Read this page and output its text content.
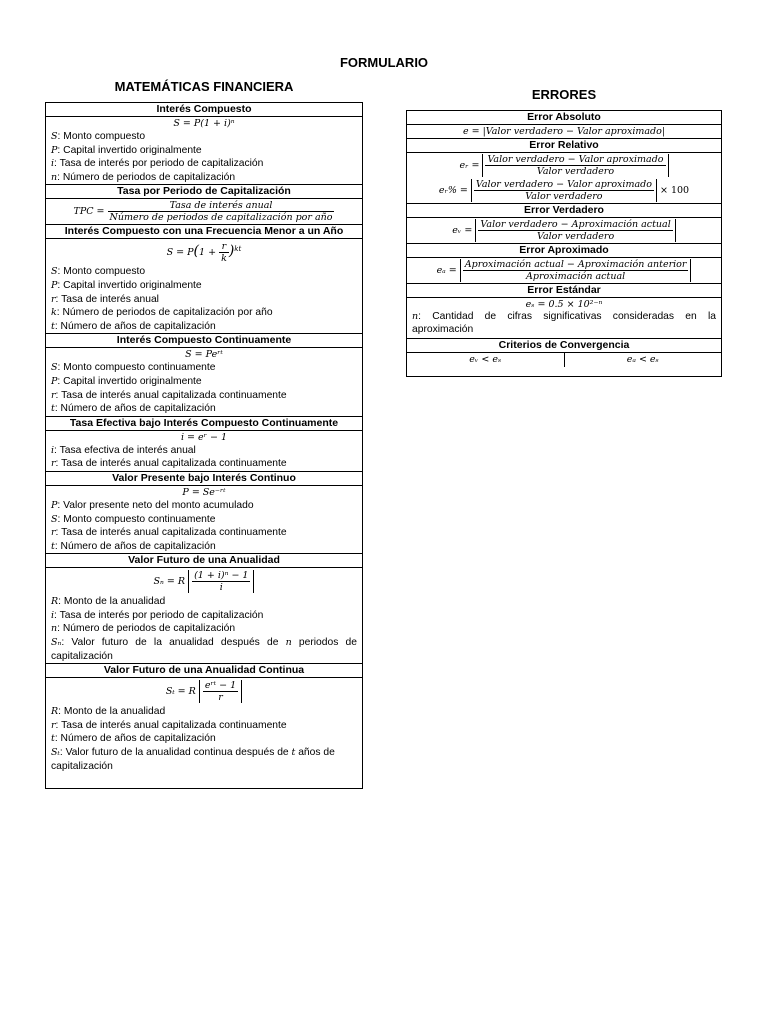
FORMULARIO
MATEMÁTICAS FINANCIERA
ERRORES
Interés Compuesto
S = P(1 + i)ⁿ
S: Monto compuesto
P: Capital invertido originalmente
i: Tasa de interés por periodo de capitalización
n: Número de periodos de capitalización
Tasa por Periodo de Capitalización
TPC = $\frac{\text{Tasa de interés anual}}{\text{Número de periodos de capitalización por año}}$
Interés Compuesto con una Frecuencia Menor a un Año
$S = P(1 + \frac{r}{k} )^{kt}$
S: Monto compuesto
P: Capital invertido originalmente
r: Tasa de interés anual
k: Número de periodos de capitalización por año
t: Número de años de capitalización
Interés Compuesto Continuamente
S = Peʳᵗ
S: Monto compuesto continuamente
P: Capital invertido originalmente
r: Tasa de interés anual capitalizada continuamente
t: Número de años de capitalización
Tasa Efectiva bajo Interés Compuesto Continuamente
i = eʳ − 1
i: Tasa efectiva de interés anual
r: Tasa de interés anual capitalizada continuamente
Valor Presente bajo Interés Continuo
P = Se⁻ʳᵗ
P: Valor presente neto del monto acumulado
S: Monto compuesto continuamente
r: Tasa de interés anual capitalizada continuamente
t: Número de años de capitalización
Valor Futuro de una Anualidad
Sₙ = R $\frac{\text{(1 + i)ⁿ − 1}}{i}$
R: Monto de la anualidad
i: Tasa de interés por periodo de capitalización
n: Número de periodos de capitalización
Sₙ: Valor futuro de la anualidad después de n periodos de capitalización
Valor Futuro de una Anualidad Continua
Sₜ = R $\frac{\text{eʳᵗ − 1}}{r}$
R: Monto de la anualidad
r: Tasa de interés anual capitalizada continuamente
t: Número de años de capitalización
Sₜ: Valor futuro de la anualidad continua después de t años de capitalización
Error Absoluto
e = |Valor verdadero − Valor aproximado|
Error Relativo
eᵣ = $\frac{\text{Valor verdadero − Valor aproximado}}{\text{Valor verdadero}}$
eᵣ% = $\frac{\text{Valor verdadero − Valor aproximado}}{\text{Valor verdadero}} \times 100$
Error Verdadero
eᵥ = $\frac{\text{Valor verdadero − Aproximación actual}}{\text{Valor verdadero}}$
Error Aproximado
$e_a = \frac{\text{Aproximación actual − Aproximación anterior}}{\text{Aproximación actual}}$
Error Estándar
eₛ = 0.5 × 10²⁻ⁿ
n: Cantidad de cifras significativas consideradas en la aproximación
Criterios de Convergencia
eᵥ < eₛ	eₐ < eₛ
